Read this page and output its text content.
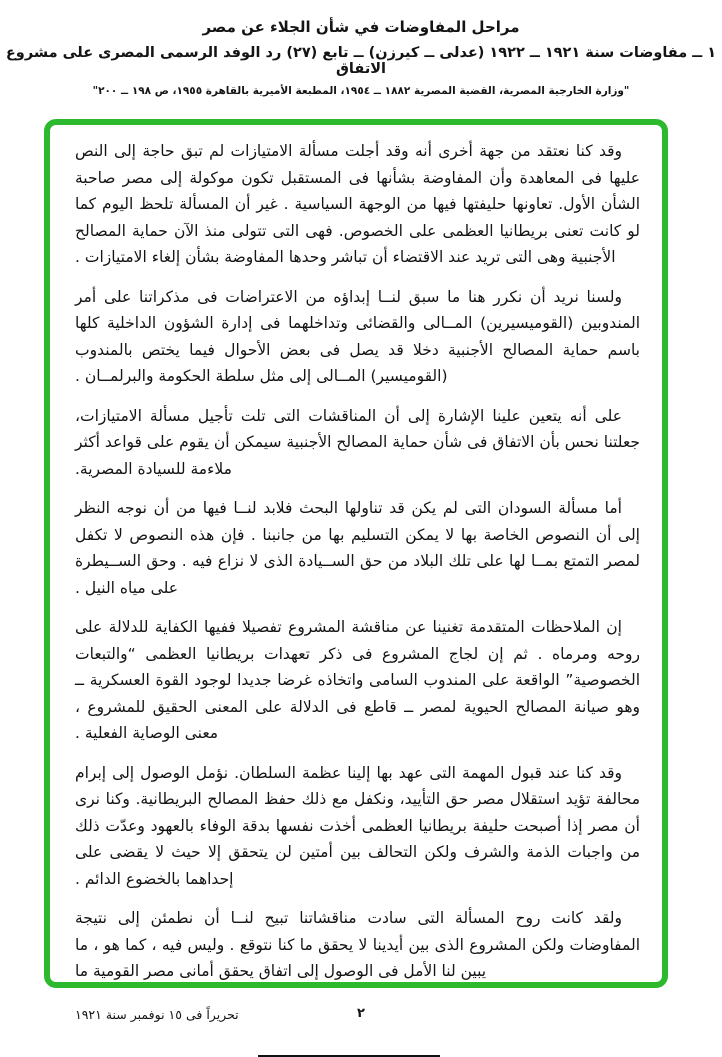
مراحل المفاوضات في شأن الجلاء عن مصر
١ ــ مفاوضات سنة ١٩٢١ ــ ١٩٢٢ (عدلى ــ كيرزن) ــ تابع (٢٧) رد الوفد الرسمى المصرى على مشروع الاتفاق
"وزارة الخارجية المصرية، القضية المصرية ١٨٨٢ ــ ١٩٥٤، المطبعة الأميرية بالقاهرة ١٩٥٥، ص ١٩٨ ــ ٢٠٠"

وقد كنا نعتقد من جهة أخرى أنه وقد أجلت مسألة الامتيازات لم تبق حاجة إلى النص عليها فى المعاهدة وأن المفاوضة بشأنها فى المستقبل تكون موكولة إلى مصر صاحبة الشأن الأول. تعاونها حليفتها فيها من الوجهة السياسية . غير أن المسألة تلحظ اليوم كما لو كانت تعنى بريطانيا العظمى على الخصوص. فهى التى تتولى منذ الآن حماية المصالح الأجنبية وهى التى تريد عند الاقتضاء أن تباشر وحدها المفاوضة بشأن إلغاء الامتيازات .

ولسنا نريد أن نكرر هنا ما سبق لنــا إبداؤه من الاعتراضات فى مذكراتنا على أمر المندوبين (القوميسيرين) المــالى والقضائى وتداخلهما فى إدارة الشؤون الداخلية كلها باسم حماية المصالح الأجنبية دخلا قد يصل فى بعض الأحوال فيما يختص بالمندوب (القوميسير) المــالى إلى مثل سلطة الحكومة والبرلمــان .

على أنه يتعين علينا الإشارة إلى أن المناقشات التى تلت تأجيل مسألة الامتيازات، جعلتنا نحس بأن الاتفاق فى شأن حماية المصالح الأجنبية سيمكن أن يقوم على قواعد أكثر ملاءمة للسيادة المصرية.

أما مسألة السودان التى لم يكن قد تناولها البحث فلابد لنــا فيها من أن نوجه النظر إلى أن النصوص الخاصة بها لا يمكن التسليم بها من جانبنا . فإن هذه النصوص لا تكفل لمصر التمتع بمــا لها على تلك البلاد من حق الســيادة الذى لا نزاع فيه . وحق الســيطرة على مياه النيل .

إن الملاحظات المتقدمة تغنينا عن مناقشة المشروع تفصيلا ففيها الكفاية للدلالة على روحه ومرماه . ثم إن لجاج المشروع فى ذكر تعهدات بريطانيا العظمى “والتبعات الخصوصية” الواقعة على المندوب السامى واتخاذه غرضا جديدا لوجود القوة العسكرية ــ وهو صيانة المصالح الحيوية لمصر ــ قاطع فى الدلالة على المعنى الحقيق للمشروع ، معنى الوصاية الفعلية .

وقد كنا عند قبول المهمة التى عهد بها إلينا عظمة السلطان. نؤمل الوصول إلى إبرام محالفة تؤيد استقلال مصر حق التأييد، ونكفل مع ذلك حفظ المصالح البريطانية. وكنا نرى أن مصر إذا أصبحت حليفة بريطانيا العظمى أخذت نفسها بدقة الوفاء بالعهود وعدّت ذلك من واجبات الذمة والشرف ولكن التحالف بين أمتين لن يتحقق إلا حيث لا يقضى على إحداهما بالخضوع الدائم .

ولقد كانت روح المسألة التى سادت مناقشاتنا تبيح لنــا أن نطمئن إلى نتيجة المفاوضات ولكن المشروع الذى بين أيدينا لا يحقق ما كنا نتوقع . وليس فيه ، كما هو ، ما يبين لنا الأمل فى الوصول إلى اتفاق يحقق أمانى مصر القومية ما

تحريراً فى ١٥ نوفمبر سنة ١٩٢١	٢
